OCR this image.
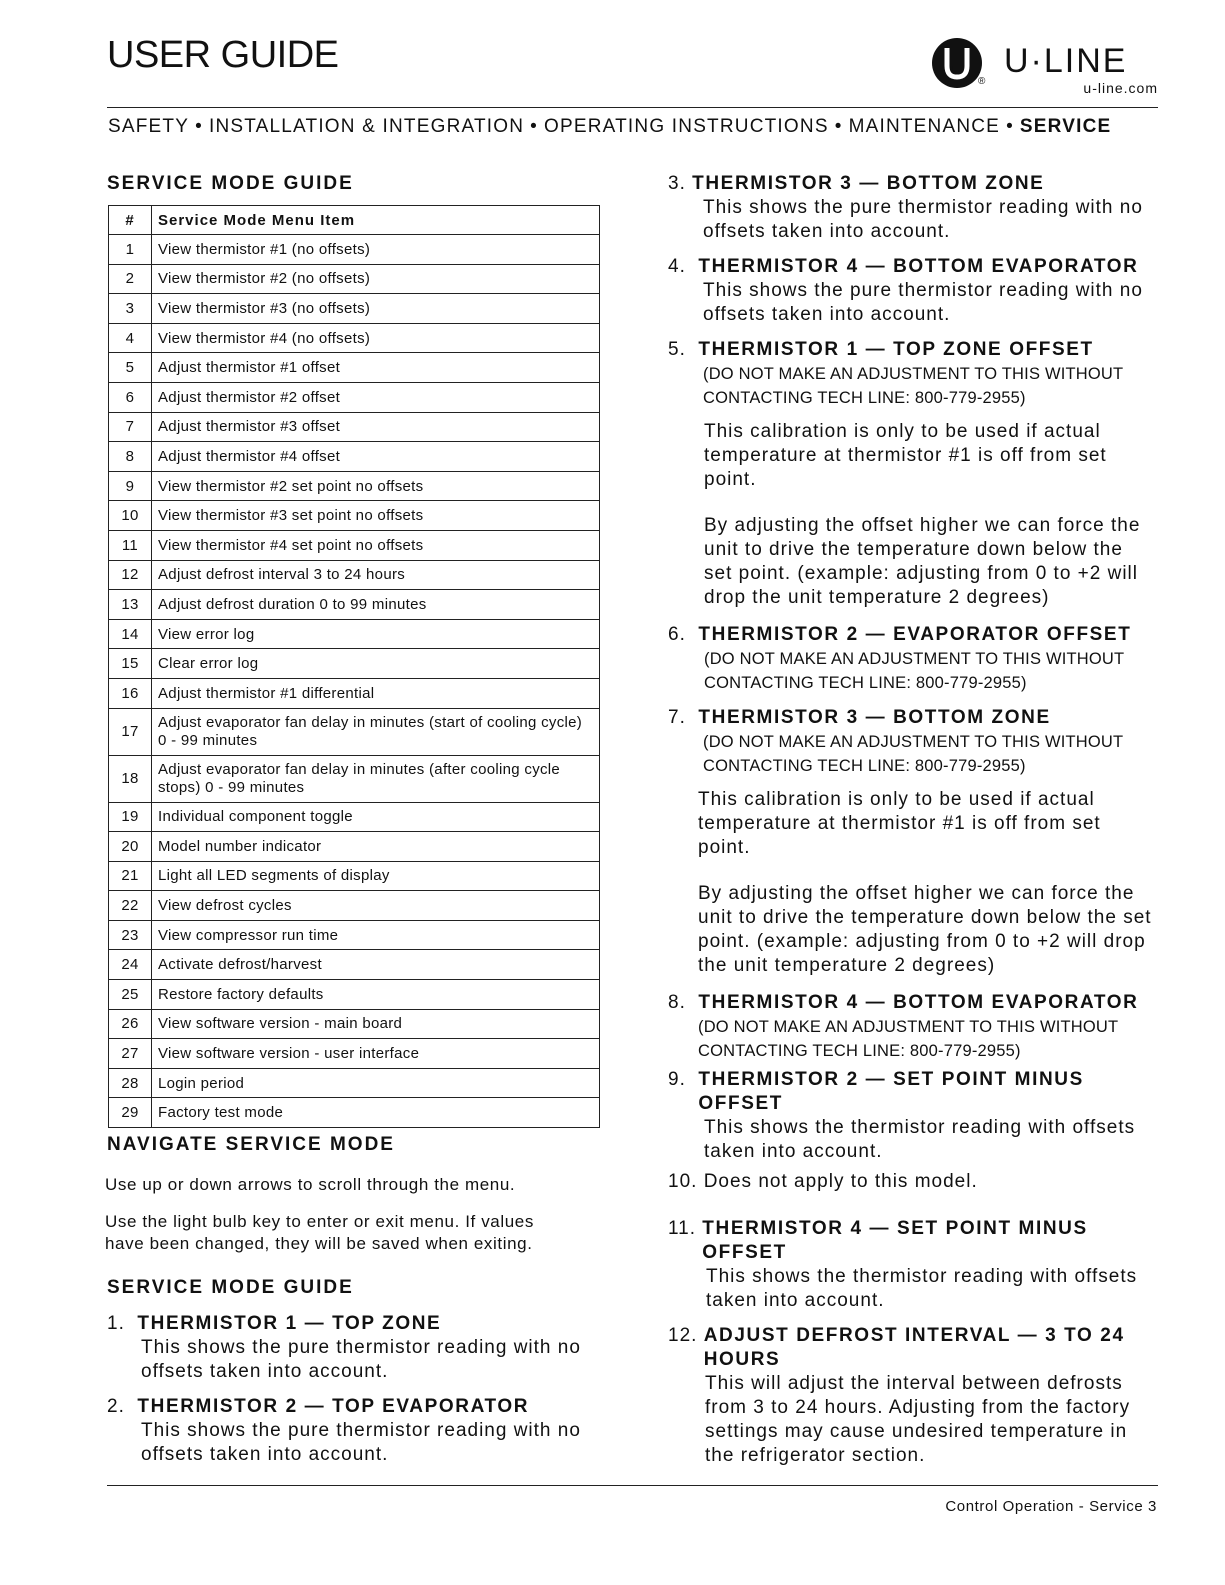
USER GUIDE
®
U·LINE
u-line.com
SAFETY • INSTALLATION & INTEGRATION • OPERATING INSTRUCTIONS • MAINTENANCE • SERVICE
SERVICE MODE GUIDE
#	Service Mode Menu Item
1	View thermistor #1 (no offsets)
2	View thermistor #2 (no offsets)
3	View thermistor #3 (no offsets)
4	View thermistor #4 (no offsets)
5	Adjust thermistor #1 offset
6	Adjust thermistor #2 offset
7	Adjust thermistor #3 offset
8	Adjust thermistor #4 offset
9	View thermistor #2 set point no offsets
10	View thermistor #3 set point no offsets
11	View thermistor #4 set point no offsets
12	Adjust defrost interval 3 to 24 hours
13	Adjust defrost duration 0 to 99 minutes
14	View error log
15	Clear error log
16	Adjust thermistor #1 differential
17	Adjust evaporator fan delay in minutes (start of cooling cycle) 0 - 99 minutes
18	Adjust evaporator fan delay in minutes (after cooling cycle stops) 0 - 99 minutes
19	Individual component toggle
20	Model number indicator
21	Light all LED segments of display
22	View defrost cycles
23	View compressor run time
24	Activate defrost/harvest
25	Restore factory defaults
26	View software version - main board
27	View software version - user interface
28	Login period
29	Factory test mode
NAVIGATE SERVICE MODE

Use up or down arrows to scroll through the menu.

Use the light bulb key to enter or exit menu. If values
have been changed, they will be saved when exiting.

SERVICE MODE GUIDE
1. THERMISTOR 1 — TOP ZONE
This shows the pure thermistor reading with no offsets taken into account.
2. THERMISTOR 2 — TOP EVAPORATOR
This shows the pure thermistor reading with no offsets taken into account.
3. THERMISTOR 3 — BOTTOM ZONE
This shows the pure thermistor reading with no offsets taken into account.
4. THERMISTOR 4 — BOTTOM EVAPORATOR
This shows the pure thermistor reading with no offsets taken into account.
5. THERMISTOR 1 — TOP ZONE OFFSET
(DO NOT MAKE AN ADJUSTMENT TO THIS WITHOUT CONTACTING TECH LINE: 800-779-2955)
This calibration is only to be used if actual temperature at thermistor #1 is off from set point.
By adjusting the offset higher we can force the unit to drive the temperature down below the set point. (example: adjusting from 0 to +2 will drop the unit temperature 2 degrees)
6. THERMISTOR 2 — EVAPORATOR OFFSET
(DO NOT MAKE AN ADJUSTMENT TO THIS WITHOUT CONTACTING TECH LINE: 800-779-2955)
7. THERMISTOR 3 — BOTTOM ZONE
(DO NOT MAKE AN ADJUSTMENT TO THIS WITHOUT CONTACTING TECH LINE: 800-779-2955)
This calibration is only to be used if actual temperature at thermistor #1 is off from set point.
By adjusting the offset higher we can force the unit to drive the temperature down below the set point. (example: adjusting from 0 to +2 will drop the unit temperature 2 degrees)
8. THERMISTOR 4 — BOTTOM EVAPORATOR
(DO NOT MAKE AN ADJUSTMENT TO THIS WITHOUT CONTACTING TECH LINE: 800-779-2955)
9. THERMISTOR 2 — SET POINT MINUS OFFSET
This shows the thermistor reading with offsets taken into account.
10. Does not apply to this model.
11. THERMISTOR 4 — SET POINT MINUS OFFSET
This shows the thermistor reading with offsets taken into account.
12. ADJUST DEFROST INTERVAL — 3 TO 24 HOURS
This will adjust the interval between defrosts from 3 to 24 hours. Adjusting from the factory settings may cause undesired temperature in the refrigerator section.
Control Operation - Service 3
